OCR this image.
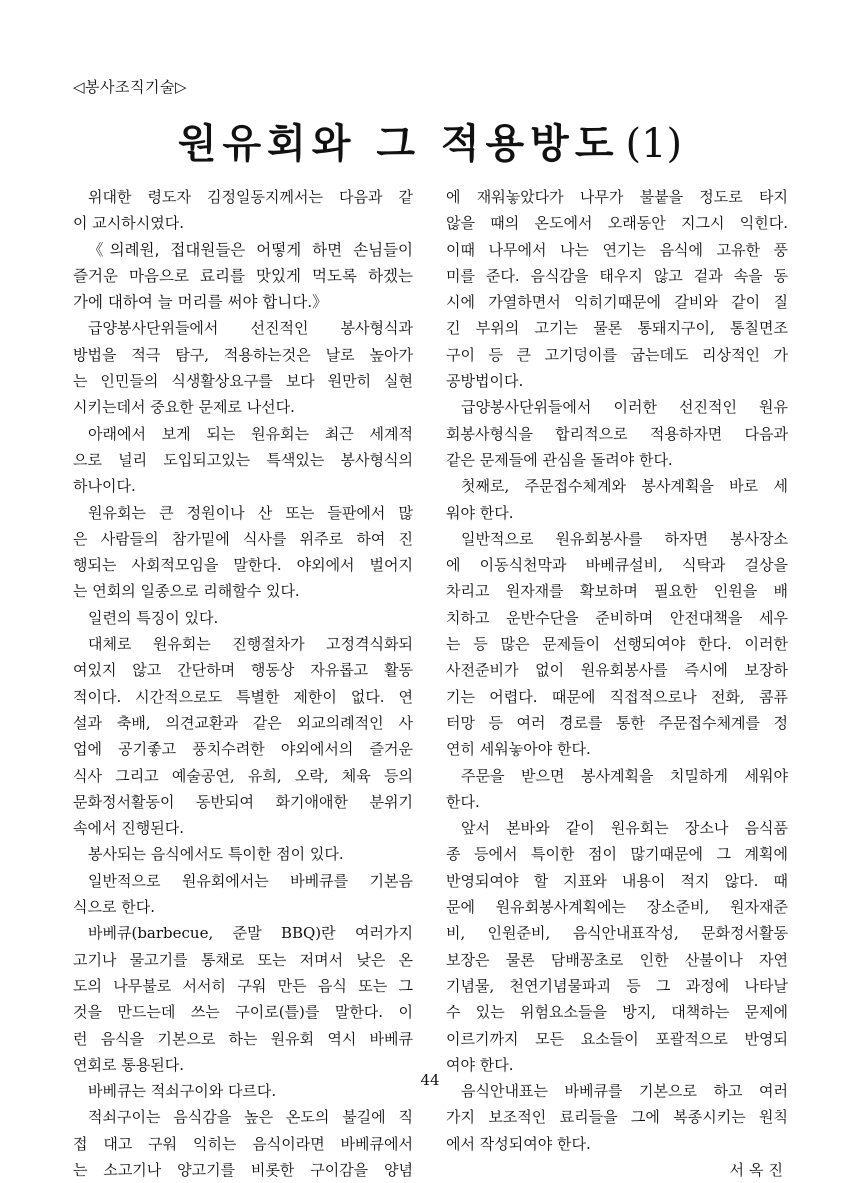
◁봉사조직기술▷
원유회와 그 적용방도 (1)
위대한 령도자 김정일동지께서는 다음과 같
이 교시하시였다.
《의례원, 접대원들은 어떻게 하면 손님들이
즐거운 마음으로 료리를 맛있게 먹도록 하겠는
가에 대하여 늘 머리를 써야 합니다.》
급양봉사단위들에서 선진적인 봉사형식과
방법을 적극 탐구, 적용하는것은 날로 높아가
는 인민들의 식생활상요구를 보다 원만히 실현
시키는데서 중요한 문제로 나선다.
아래에서 보게 되는 원유회는 최근 세계적
으로 널리 도입되고있는 특색있는 봉사형식의
하나이다.
원유회는 큰 정원이나 산 또는 들판에서 많
은 사람들의 참가밑에 식사를 위주로 하여 진
행되는 사회적모임을 말한다. 야외에서 벌어지
는 연회의 일종으로 리해할수 있다.
일련의 특징이 있다.
대체로 원유회는 진행절차가 고정격식화되
여있지 않고 간단하며 행동상 자유롭고 활동
적이다. 시간적으로도 특별한 제한이 없다. 연
설과 축배, 의견교환과 같은 외교의례적인 사
업에 공기좋고 풍치수려한 야외에서의 즐거운
식사 그리고 예술공연, 유희, 오락, 체육 등의
문화정서활동이 동반되여 화기애애한 분위기
속에서 진행된다.
봉사되는 음식에서도 특이한 점이 있다.
일반적으로 원유회에서는 바베큐를 기본음
식으로 한다.
바베큐(barbecue, 준말 BBQ)란 여러가지
고기나 물고기를 통채로 또는 저며서 낮은 온
도의 나무불로 서서히 구워 만든 음식 또는 그
것을 만드는데 쓰는 구이로(틀)를 말한다. 이
런 음식을 기본으로 하는 원유회 역시 바베큐
연회로 통용된다.
바베큐는 적쇠구이와 다르다.
적쇠구이는 음식감을 높은 온도의 불길에 직
접 대고 구워 익히는 음식이라면 바베큐에서
는 소고기나 양고기를 비롯한 구이감을 양념
에 재워놓았다가 나무가 불붙을 정도로 타지
않을 때의 온도에서 오래동안 지그시 익힌다.
이때 나무에서 나는 연기는 음식에 고유한 풍
미를 준다. 음식감을 태우지 않고 겉과 속을 동
시에 가열하면서 익히기때문에 갈비와 같이 질
긴 부위의 고기는 물론 통돼지구이, 통칠면조
구이 등 큰 고기덩이를 굽는데도 리상적인 가
공방법이다.
급양봉사단위들에서 이러한 선진적인 원유
회봉사형식을 합리적으로 적용하자면 다음과
같은 문제들에 관심을 돌려야 한다.
첫째로, 주문접수체계와 봉사계획을 바로 세
워야 한다.
일반적으로 원유회봉사를 하자면 봉사장소
에 이동식천막과 바베큐설비, 식탁과 걸상을
차리고 원자재를 확보하며 필요한 인원을 배
치하고 운반수단을 준비하며 안전대책을 세우
는 등 많은 문제들이 선행되여야 한다. 이러한
사전준비가 없이 원유회봉사를 즉시에 보장하
기는 어렵다. 때문에 직접적으로나 전화, 콤퓨
터망 등 여러 경로를 통한 주문접수체계를 정
연히 세워놓아야 한다.
주문을 받으면 봉사계획을 치밀하게 세워야
한다.
앞서 본바와 같이 원유회는 장소나 음식품
종 등에서 특이한 점이 많기때문에 그 계획에
반영되여야 할 지표와 내용이 적지 않다. 때
문에 원유회봉사계획에는 장소준비, 원자재준
비, 인원준비, 음식안내표작성, 문화정서활동
보장은 물론 담배꽁초로 인한 산불이나 자연
기념물, 천연기념물파괴 등 그 과정에 나타날
수 있는 위험요소들을 방지, 대책하는 문제에
이르기까지 모든 요소들이 포괄적으로 반영되
여야 한다.
음식안내표는 바베큐를 기본으로 하고 여러
가지 보조적인 료리들을 그에 복종시키는 원칙
에서 작성되여야 한다.
서옥진
44
